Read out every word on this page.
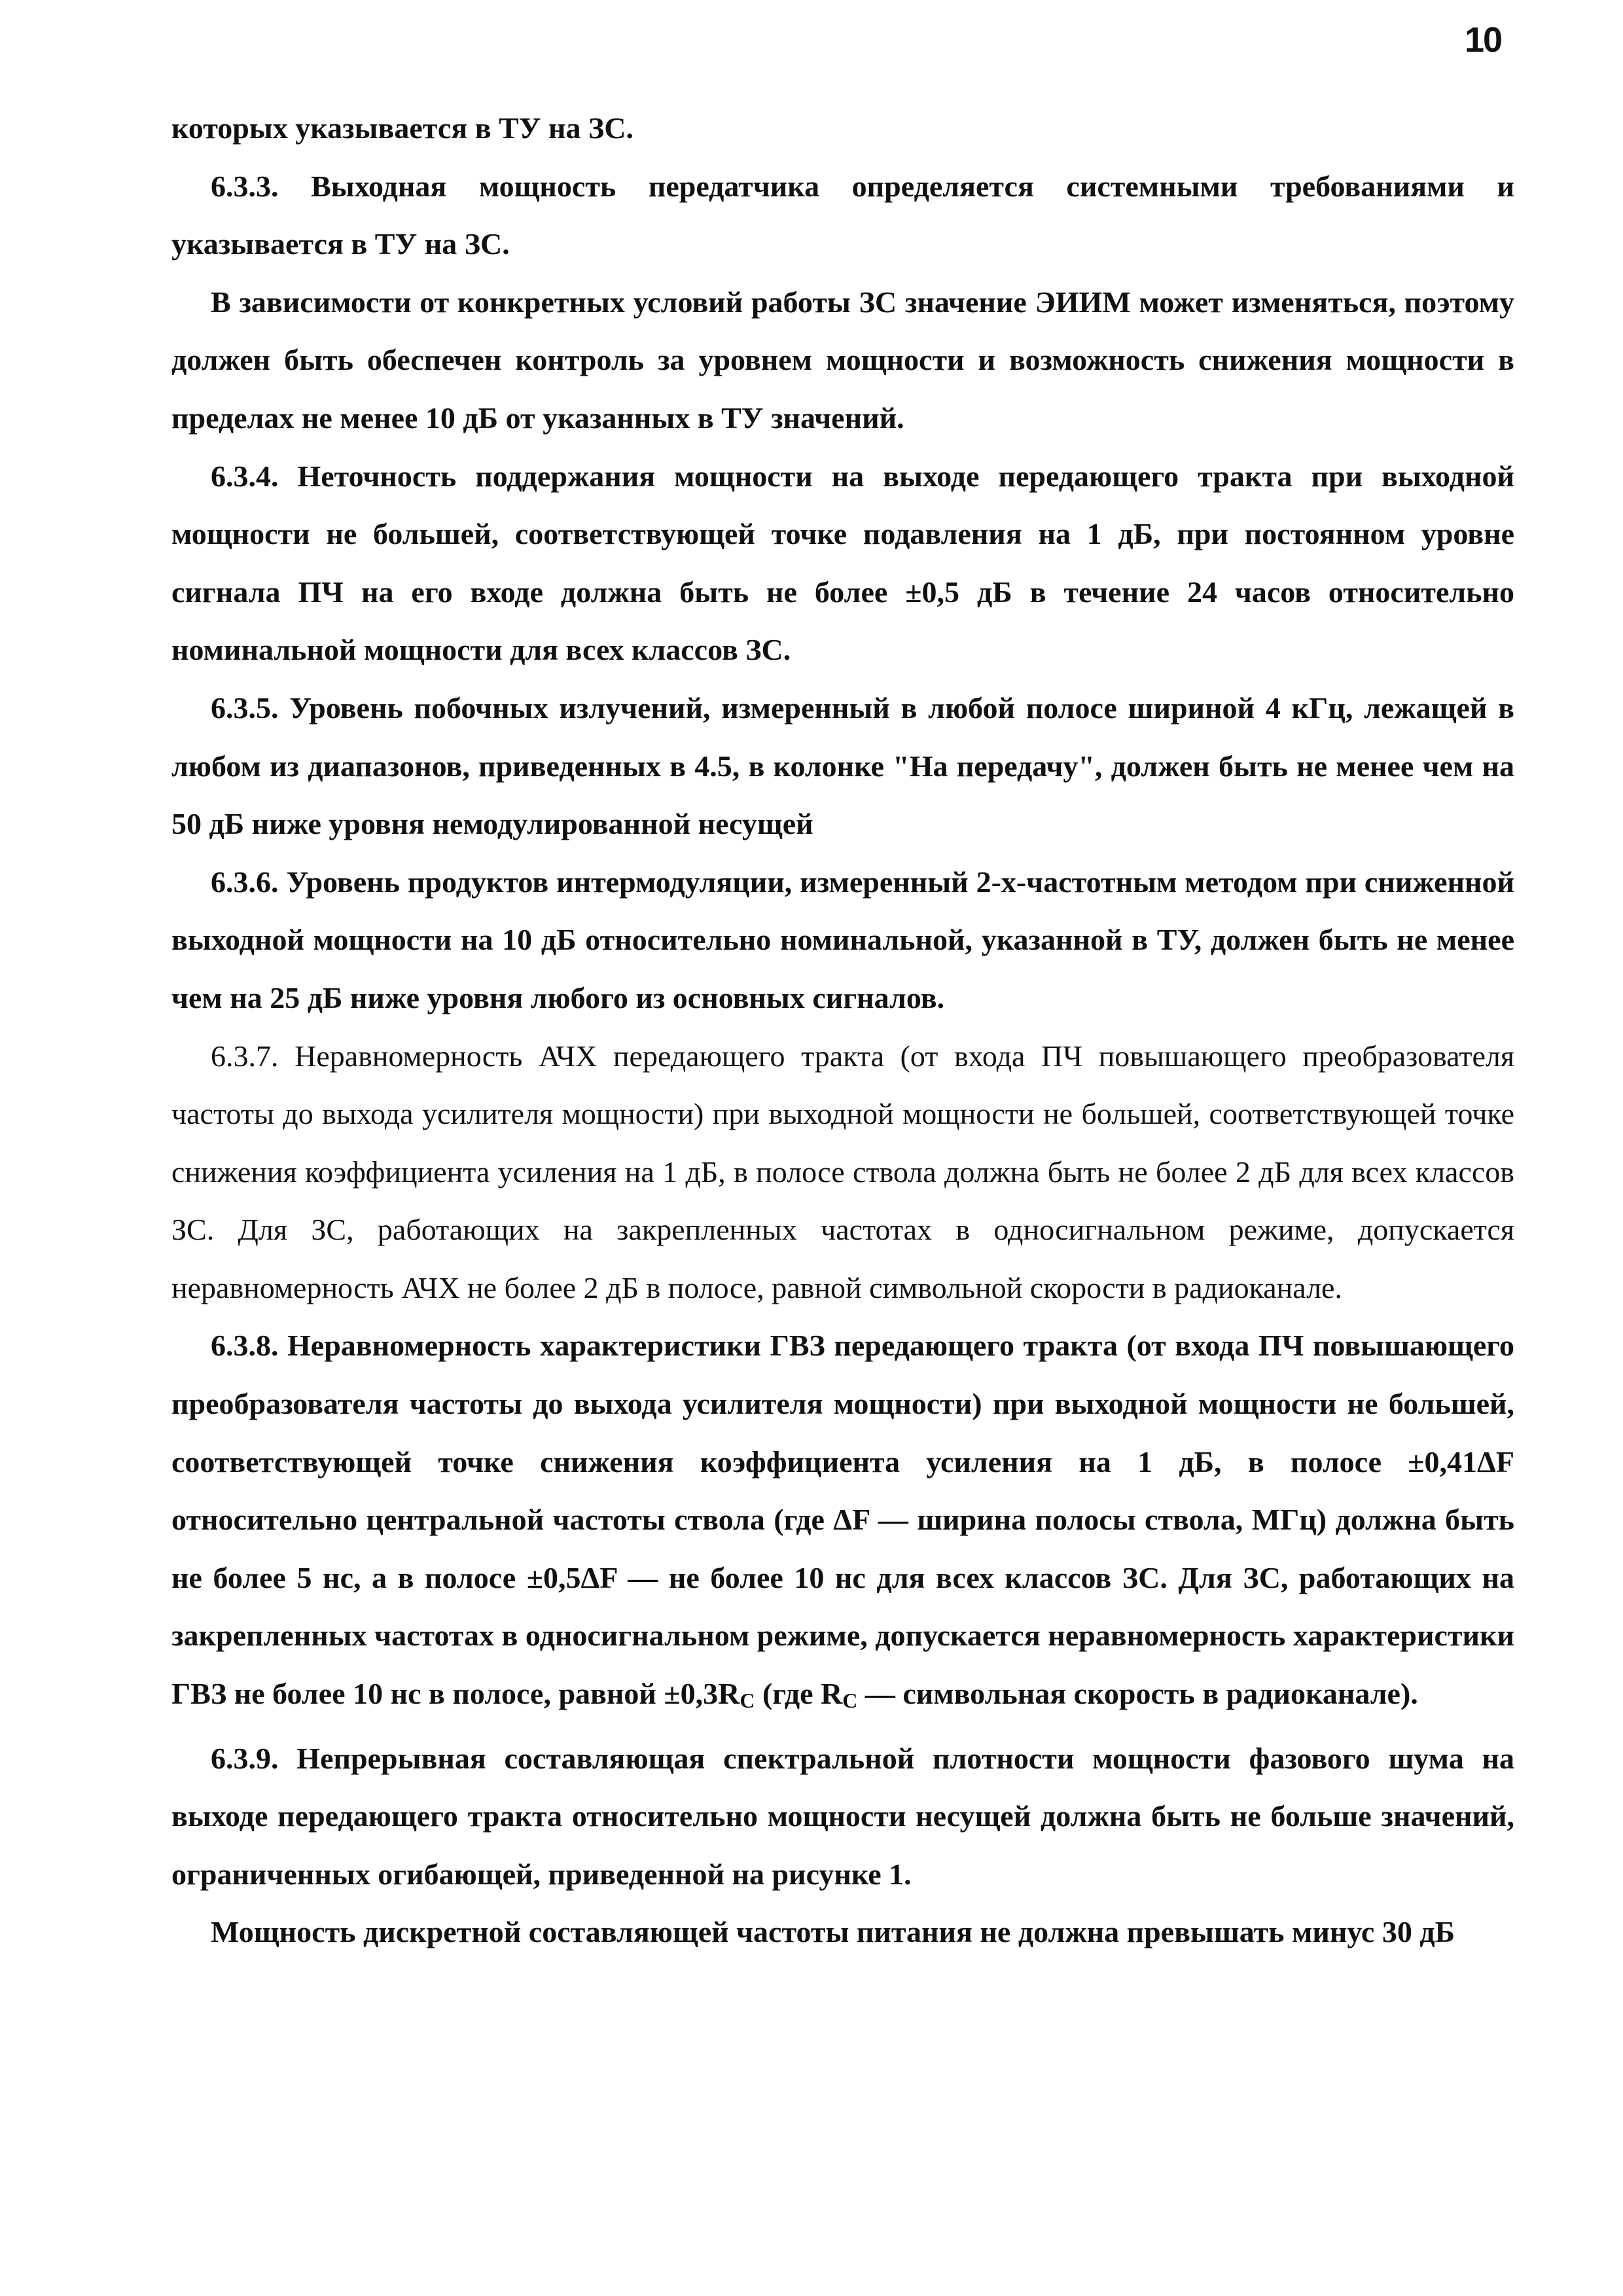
10

которых указывается в ТУ на ЗС.

6.3.3. Выходная мощность передатчика определяется системными требованиями и указывается в ТУ на ЗС.

В зависимости от конкретных условий работы ЗС значение ЭИИМ может изменяться, поэтому должен быть обеспечен контроль за уровнем мощности и возможность снижения мощности в пределах не менее 10 дБ от указанных в ТУ значений.

6.3.4. Неточность поддержания мощности на выходе передающего тракта при выходной мощности не большей, соответствующей точке подавления на 1 дБ, при постоянном уровне сигнала ПЧ на его входе должна быть не более ±0,5 дБ в течение 24 часов относительно номинальной мощности для всех классов ЗС.

6.3.5. Уровень побочных излучений, измеренный в любой полосе шириной 4 кГц, лежащей в любом из диапазонов, приведенных в 4.5, в колонке "На передачу", должен быть не менее чем на 50 дБ ниже уровня немодулированной несущей

6.3.6. Уровень продуктов интермодуляции, измеренный 2-х-частотным методом при сниженной выходной мощности на 10 дБ относительно номинальной, указанной в ТУ, должен быть не менее чем на 25 дБ ниже уровня любого из основных сигналов.

6.3.7. Неравномерность АЧХ передающего тракта (от входа ПЧ повышающего преобразователя частоты до выхода усилителя мощности) при выходной мощности не большей, соответствующей точке снижения коэффициента усиления на 1 дБ, в полосе ствола должна быть не более 2 дБ для всех классов ЗС. Для ЗС, работающих на закрепленных частотах в односигнальном режиме, допускается неравномерность АЧХ не более 2 дБ в полосе, равной символьной скорости в радиоканале.

6.3.8. Неравномерность характеристики ГВЗ передающего тракта (от входа ПЧ повышающего преобразователя частоты до выхода усилителя мощности) при выходной мощности не большей, соответствующей точке снижения коэффициента усиления на 1 дБ, в полосе ±0,41ΔF относительно центральной частоты ствола (где ΔF — ширина полосы ствола, МГц) должна быть не более 5 нс, а в полосе ±0,5ΔF — не более 10 нс для всех классов ЗС. Для ЗС, работающих на закрепленных частотах в односигнальном режиме, допускается неравномерность характеристики ГВЗ не более 10 нс в полосе, равной ±0,3RC (где RC — символьная скорость в радиоканале).

6.3.9. Непрерывная составляющая спектральной плотности мощности фазового шума на выходе передающего тракта относительно мощности несущей должна быть не больше значений, ограниченных огибающей, приведенной на рисунке 1.

Мощность дискретной составляющей частоты питания не должна превышать минус 30 дБ
